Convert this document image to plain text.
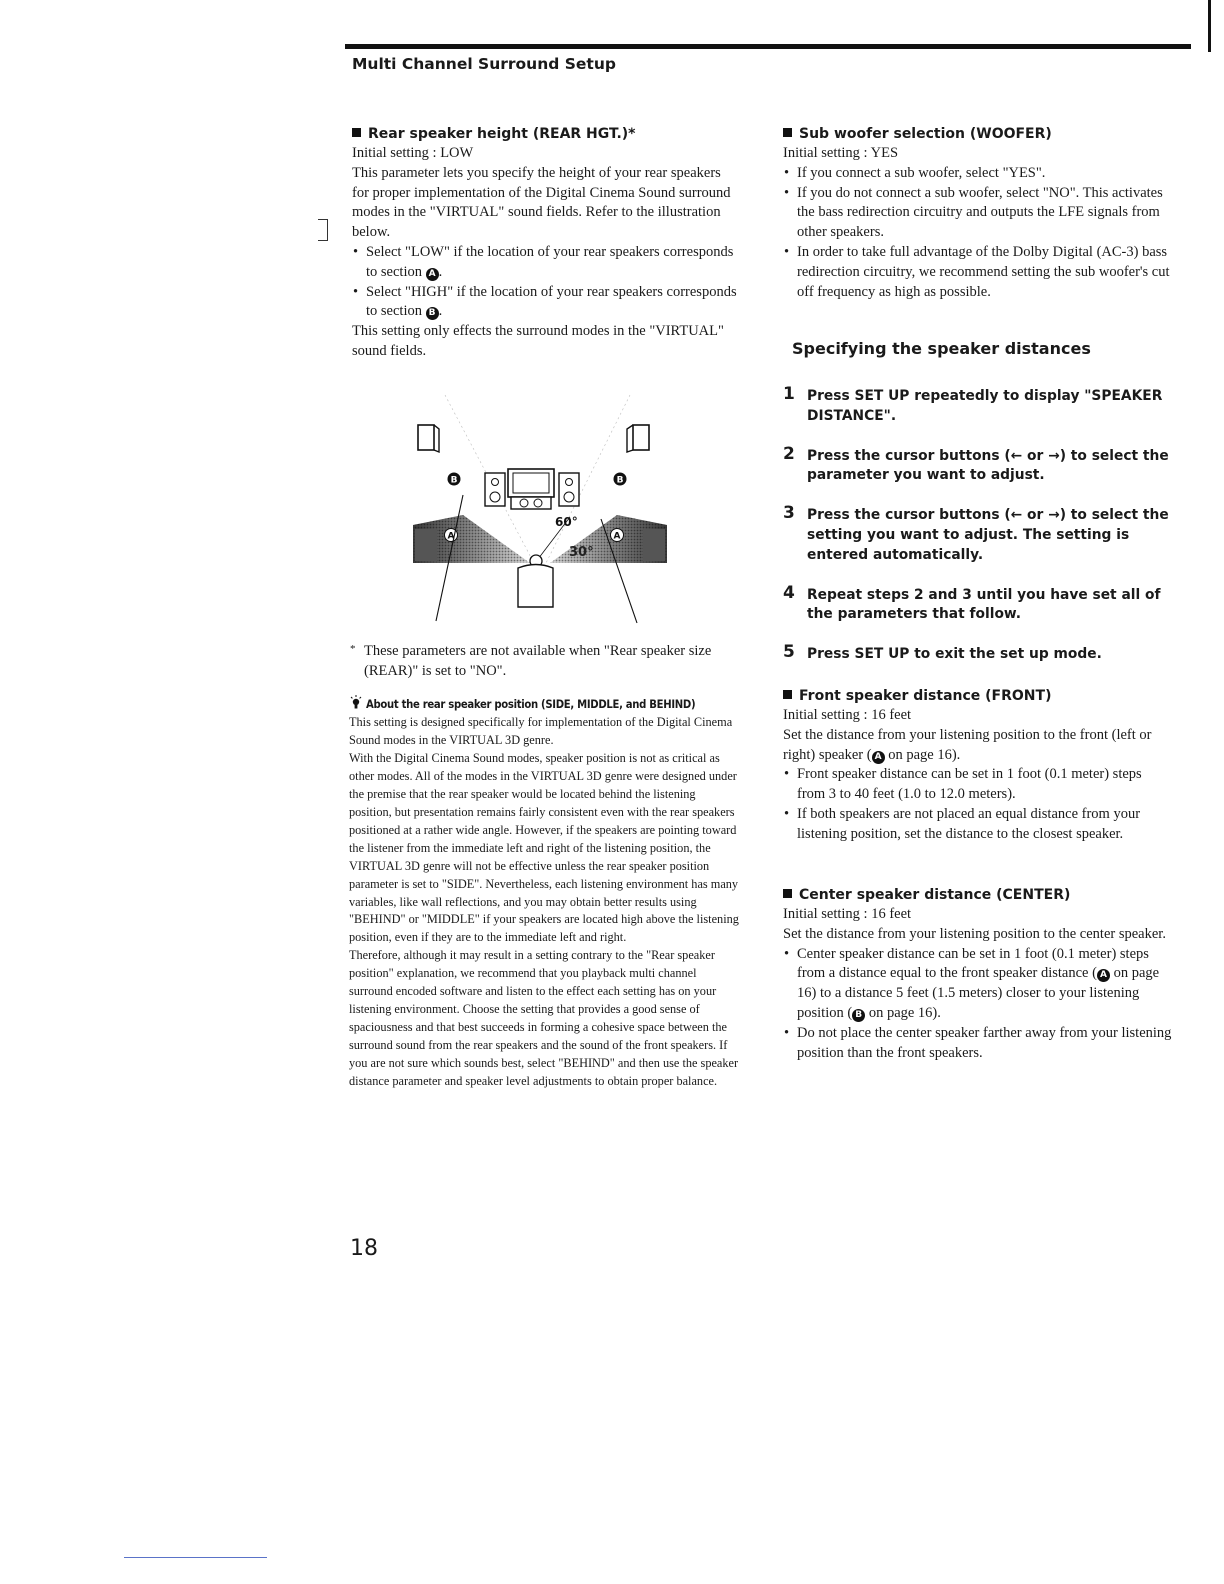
Multi Channel Surround Setup
Rear speaker height (REAR HGT.)*

Initial setting : LOW

This parameter lets you specify the height of your rear speakers for proper implementation of the Digital Cinema Sound surround modes in the "VIRTUAL" sound fields. Refer to the illustration below.

• Select "LOW" if the location of your rear speakers corresponds to section A .
• Select "HIGH" if the location of your rear speakers corresponds to section B .

This setting only effects the surround modes in the "VIRTUAL" sound fields.

B	B
A	A
60°
30°
* These parameters are not available when "Rear speaker size (REAR)" is set to "NO".
About the rear speaker position (SIDE, MIDDLE, and BEHIND)

This setting is designed specifically for implementation of the Digital Cinema Sound modes in the VIRTUAL 3D genre.

With the Digital Cinema Sound modes, speaker position is not as critical as other modes. All of the modes in the VIRTUAL 3D genre were designed under the premise that the rear speaker would be located behind the listening position, but presentation remains fairly consistent even with the rear speakers positioned at a rather wide angle. However, if the speakers are pointing toward the listener from the immediate left and right of the listening position, the VIRTUAL 3D genre will not be effective unless the rear speaker position parameter is set to "SIDE". Nevertheless, each listening environment has many variables, like wall reflections, and you may obtain better results using "BEHIND" or "MIDDLE" if your speakers are located high above the listening position, even if they are to the immediate left and right.

Therefore, although it may result in a setting contrary to the "Rear speaker position" explanation, we recommend that you playback multi channel surround encoded software and listen to the effect each setting has on your listening environment. Choose the setting that provides a good sense of spaciousness and that best succeeds in forming a cohesive space between the surround sound from the rear speakers and the sound of the front speakers. If you are not sure which sounds best, select "BEHIND" and then use the speaker distance parameter and speaker level adjustments to obtain proper balance.

Sub woofer selection (WOOFER)

Initial setting : YES

• If you connect a sub woofer, select "YES".
• If you do not connect a sub woofer, select "NO". This activates the bass redirection circuitry and outputs the LFE signals from other speakers.
• In order to take full advantage of the Dolby Digital (AC-3) bass redirection circuitry, we recommend setting the sub woofer's cut off frequency as high as possible.
Specifying the speaker distances
1 Press SET UP repeatedly to display "SPEAKER DISTANCE".
2 Press the cursor buttons (← or →) to select the parameter you want to adjust.
3 Press the cursor buttons (← or →) to select the setting you want to adjust. The setting is entered automatically.
4 Repeat steps 2 and 3 until you have set all of the parameters that follow.
5 Press SET UP to exit the set up mode.
Front speaker distance (FRONT)

Initial setting : 16 feet

Set the distance from your listening position to the front (left or right) speaker ( A on page 16).

• Front speaker distance can be set in 1 foot (0.1 meter) steps from 3 to 40 feet (1.0 to 12.0 meters).
• If both speakers are not placed an equal distance from your listening position, set the distance to the closest speaker.
Center speaker distance (CENTER)

Initial setting : 16 feet

Set the distance from your listening position to the center speaker.

• Center speaker distance can be set in 1 foot (0.1 meter) steps from a distance equal to the front speaker distance ( A on page 16) to a distance 5 feet (1.5 meters) closer to your listening position ( B on page 16).
• Do not place the center speaker farther away from your listening position than the front speakers.
18
